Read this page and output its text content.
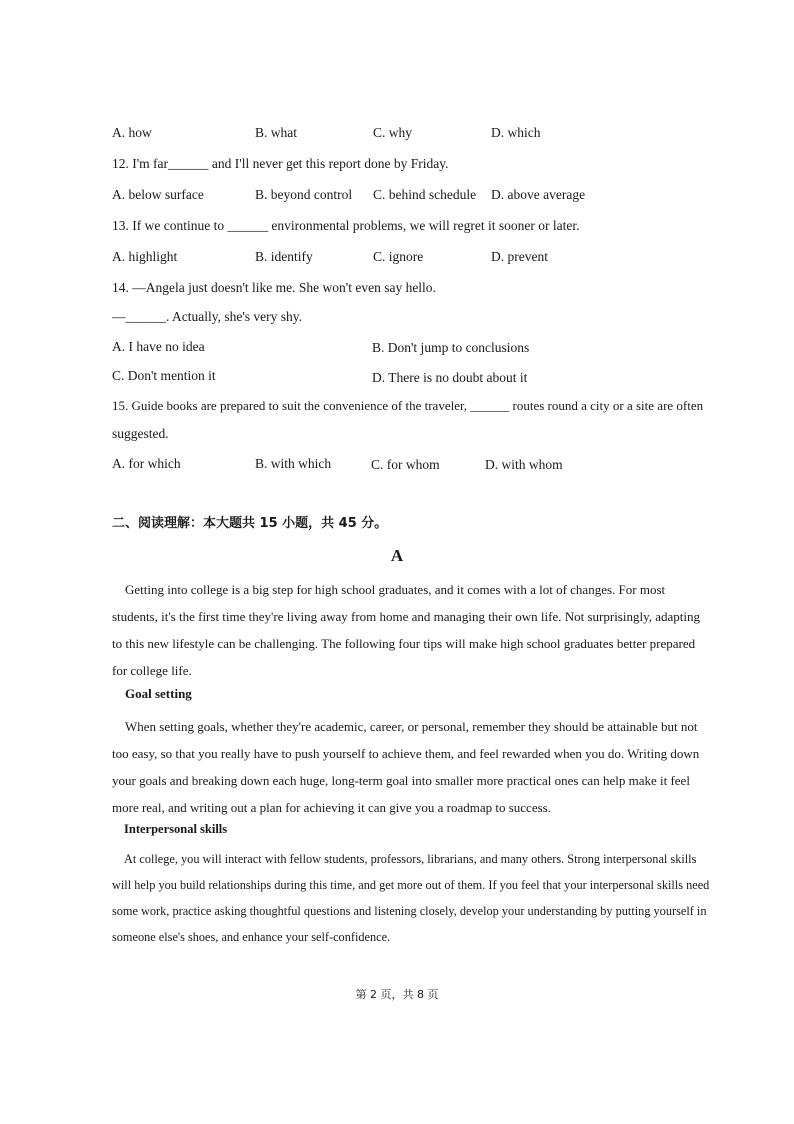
A. how	B. what	C. why	D. which
12. I'm far______ and I'll never get this report done by Friday.
A. below surface	B. beyond control C. behind schedule D. above average
13. If we continue to ______ environmental problems, we will regret it sooner or later.
A. highlight	B. identify	C. ignore	D. prevent
14. —Angela just doesn't like me. She won't even say hello.
—______. Actually, she's very shy.
A. I have no idea	B. Don't jump to conclusions
C. Don't mention it	D. There is no doubt about it
15. Guide books are prepared to suit the convenience of the traveler, ______ routes round a city or a site are often
suggested.
A. for which	B. with which	C. for whom	D. with whom
二、阅读理解：本大题共 15 小题，共 45 分。
A
Getting into college is a big step for high school graduates, and it comes with a lot of changes. For most students, it's the first time they're living away from home and managing their own life. Not surprisingly, adapting to this new lifestyle can be challenging. The following four tips will make high school graduates better prepared for college life.
Goal setting
When setting goals, whether they're academic, career, or personal, remember they should be attainable but not too easy, so that you really have to push yourself to achieve them, and feel rewarded when you do. Writing down your goals and breaking down each huge, long-term goal into smaller more practical ones can help make it feel more real, and writing out a plan for achieving it can give you a roadmap to success.
Interpersonal skills
At college, you will interact with fellow students, professors, librarians, and many others. Strong interpersonal skills will help you build relationships during this time, and get more out of them. If you feel that your interpersonal skills need some work, practice asking thoughtful questions and listening closely, develop your understanding by putting yourself in someone else's shoes, and enhance your self-confidence.
第 2 页，共 8 页
